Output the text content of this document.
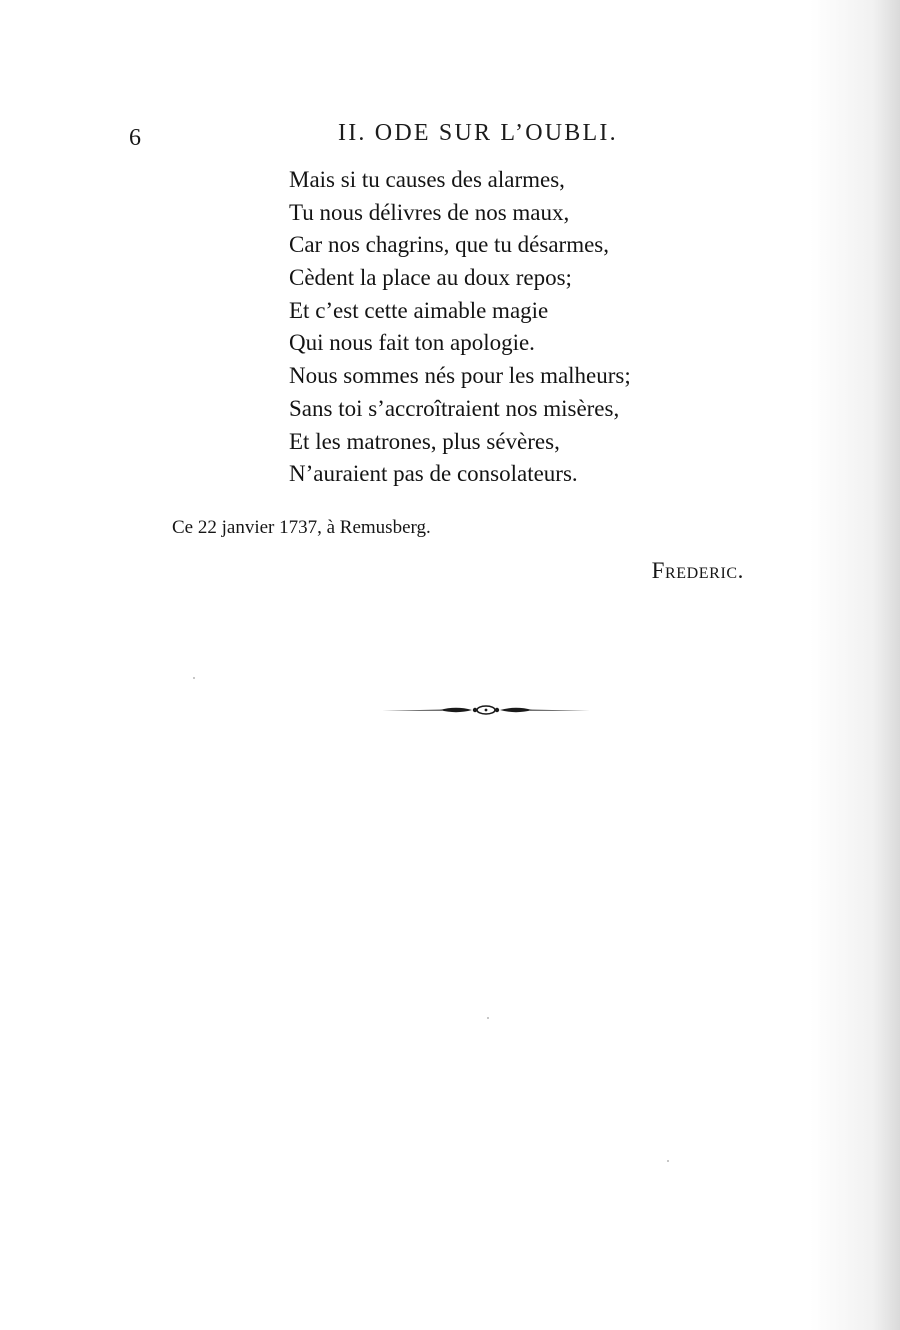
6	II. ODE SUR L’OUBLI.
Mais si tu causes des alarmes,
Tu nous délivres de nos maux,
Car nos chagrins, que tu désarmes,
Cèdent la place au doux repos;
Et c’est cette aimable magie
Qui nous fait ton apologie.
Nous sommes nés pour les malheurs;
Sans toi s’accroîtraient nos misères,
Et les matrones, plus sévères,
N’auraient pas de consolateurs.
Ce 22 janvier 1737, à Remusberg.
Frederic.
